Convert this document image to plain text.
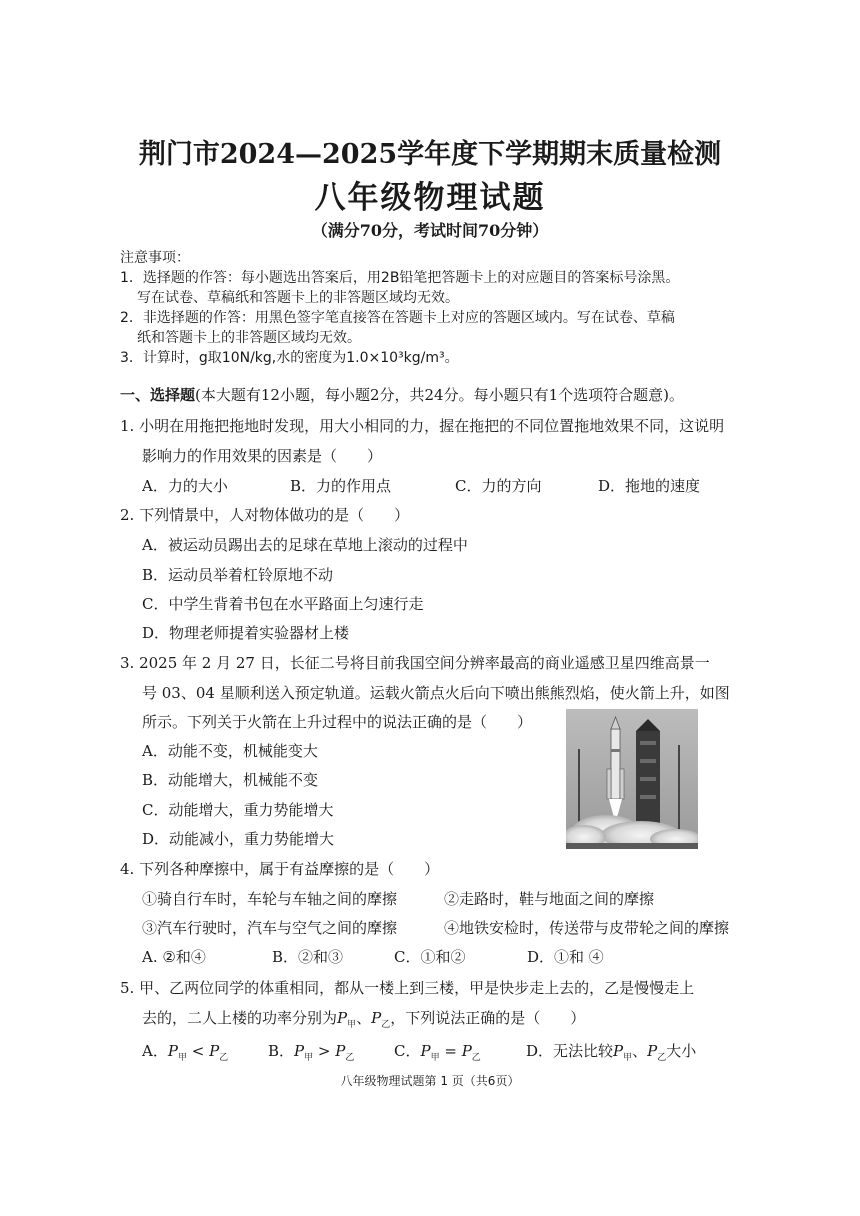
荆门市2024—2025学年度下学期期末质量检测
八年级物理试题
（满分70分，考试时间70分钟）
注意事项：
1．选择题的作答：每小题选出答案后，用2B铅笔把答题卡上的对应题目的答案标号涂黑。
写在试卷、草稿纸和答题卡上的非答题区域均无效。
2．非选择题的作答：用黑色签字笔直接答在答题卡上对应的答题区域内。写在试卷、草稿
纸和答题卡上的非答题区域均无效。
3．计算时，g取10N/kg,水的密度为1.0×10³kg/m³。
一、选择题(本大题有12小题，每小题2分，共24分。每小题只有1个选项符合题意)。
1. 小明在用拖把拖地时发现，用大小相同的力，握在拖把的不同位置拖地效果不同，这说明
影响力的作用效果的因素是（　　）
A．力的大小	B．力的作用点	C．力的方向	D．拖地的速度
2. 下列情景中，人对物体做功的是（　　）
A．被运动员踢出去的足球在草地上滚动的过程中
B．运动员举着杠铃原地不动
C．中学生背着书包在水平路面上匀速行走
D．物理老师提着实验器材上楼
3. 2025 年 2 月 27 日，长征二号将目前我国空间分辨率最高的商业遥感卫星四维高景一
号 03、04 星顺利送入预定轨道。运载火箭点火后向下喷出熊熊烈焰，使火箭上升，如图
所示。下列关于火箭在上升过程中的说法正确的是（　　）
A．动能不变，机械能变大
B．动能增大，机械能不变
C．动能增大，重力势能增大
D．动能减小，重力势能增大
4. 下列各种摩擦中，属于有益摩擦的是（　　）
①骑自行车时，车轮与车轴之间的摩擦	②走路时，鞋与地面之间的摩擦
③汽车行驶时，汽车与空气之间的摩擦	④地铁安检时，传送带与皮带轮之间的摩擦
A. ②和④	B．②和③	C．①和②	D．①和 ④
5. 甲、乙两位同学的体重相同，都从一楼上到三楼，甲是快步走上去的，乙是慢慢走上
去的，二人上楼的功率分别为$P_甲$、$P_乙$，下列说法正确的是（　　）
A．$P_甲 < P_乙$	B．$P_甲 > P_乙$	C．$P_甲 = P_乙$	D．无法比较$P_甲$、$P_乙$大小
八年级物理试题第 1 页（共6页）
